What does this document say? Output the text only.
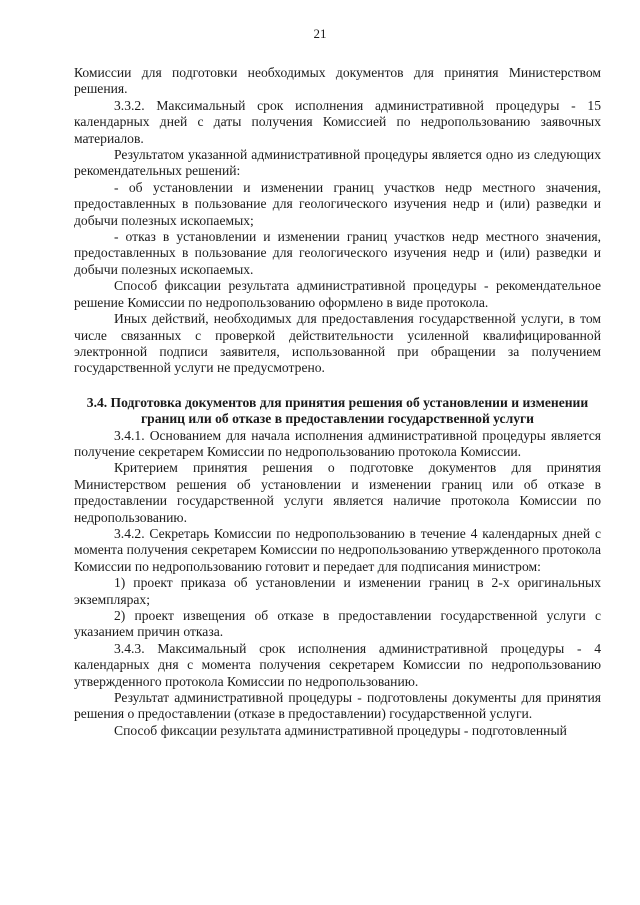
21

Комиссии для подготовки необходимых документов для принятия Министерством решения.

3.3.2. Максимальный срок исполнения административной процедуры - 15 календарных дней с даты получения Комиссией по недропользованию заявочных материалов.

Результатом указанной административной процедуры является одно из следующих рекомендательных решений:

- об установлении и изменении границ участков недр местного значения, предоставленных в пользование для геологического изучения недр и (или) разведки и добычи полезных ископаемых;

- отказ в установлении и изменении границ участков недр местного значения, предоставленных в пользование для геологического изучения недр и (или) разведки и добычи полезных ископаемых.

Способ фиксации результата административной процедуры - рекомендательное решение Комиссии по недропользованию оформлено в виде протокола.

Иных действий, необходимых для предоставления государственной услуги, в том числе связанных с проверкой действительности усиленной квалифицированной электронной подписи заявителя, использованной при обращении за получением государственной услуги не предусмотрено.

3.4. Подготовка документов для принятия решения об установлении и изменении границ или об отказе в предоставлении государственной услуги

3.4.1. Основанием для начала исполнения административной процедуры является получение секретарем Комиссии по недропользованию протокола Комиссии.

Критерием принятия решения о подготовке документов для принятия Министерством решения об установлении и изменении границ или об отказе в предоставлении государственной услуги является наличие протокола Комиссии по недропользованию.

3.4.2. Секретарь Комиссии по недропользованию в течение 4 календарных дней с момента получения секретарем Комиссии по недропользованию утвержденного протокола Комиссии по недропользованию готовит и передает для подписания министром:

1) проект приказа об установлении и изменении границ в 2-х оригинальных экземплярах;

2) проект извещения об отказе в предоставлении государственной услуги с указанием причин отказа.

3.4.3. Максимальный срок исполнения административной процедуры - 4 календарных дня с момента получения секретарем Комиссии по недропользованию утвержденного протокола Комиссии по недропользованию.

Результат административной процедуры - подготовлены документы для принятия решения о предоставлении (отказе в предоставлении) государственной услуги.

Способ фиксации результата административной процедуры - подготовленный
